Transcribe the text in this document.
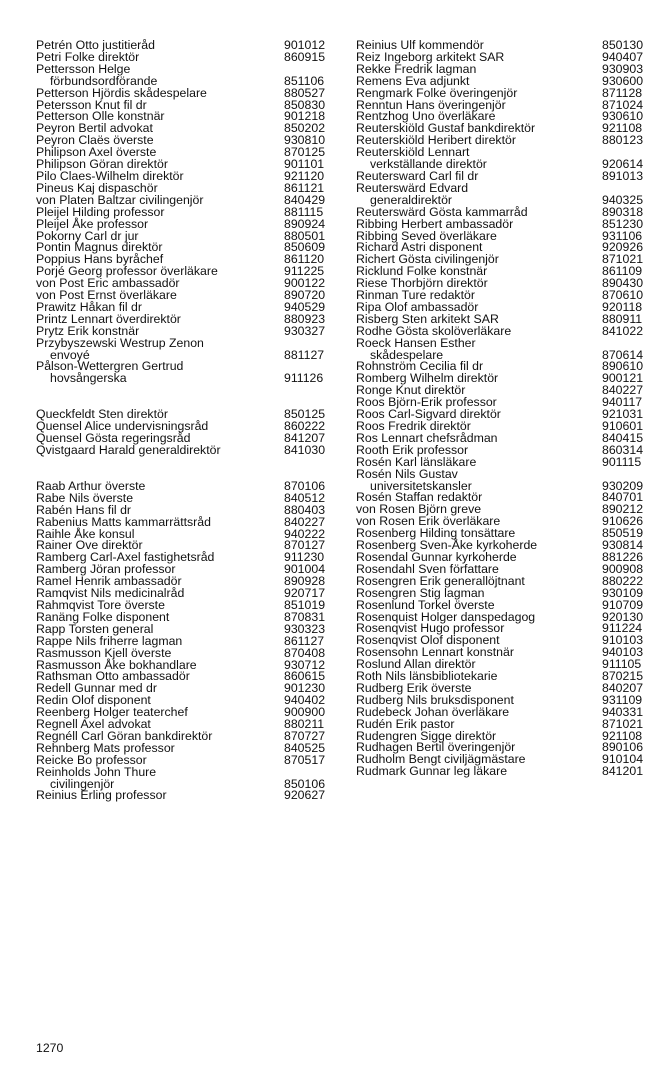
Petrén Otto justitieråd	901012
Petri Folke direktör	860915
Pettersson Helge
förbundsordförande	851106
Petterson Hjördis skådespelare	880527
Petersson Knut fil dr	850830
Petterson Olle konstnär	901218
Peyron Bertil advokat	850202
Peyron Claës överste	930810
Philipson Axel överste	870125
Philipson Göran direktör	901101
Pilo Claes-Wilhelm direktör	921120
Pineus Kaj dispaschör	861121
von Platen Baltzar civilingenjör	840429
Pleijel Hilding professor	881115
Pleijel Åke professor	890924
Pokorny Carl dr jur	880501
Pontin Magnus direktör	850609
Poppius Hans byråchef	861120
Porjé Georg professor överläkare	911225
von Post Eric ambassadör	900122
von Post Ernst överläkare	890720
Prawitz Håkan fil dr	940529
Printz Lennart överdirektör	880923
Prytz Erik konstnär	930327
Przybyszewski Westrup Zenon
envoyé	881127
Pålson-Wettergren Gertrud
hovsångerska	911126
Queckfeldt Sten direktör	850125
Quensel Alice undervisningsråd	860222
Quensel Gösta regeringsråd	841207
Qvistgaard Harald generaldirektör	841030
Raab Arthur överste	870106
Rabe Nils överste	840512
Rabén Hans fil dr	880403
Rabenius Matts kammarrättsråd	840227
Raihle Åke konsul	940222
Rainer Ove direktör	870127
Ramberg Carl-Axel fastighetsråd	911230
Ramberg Jöran professor	901004
Ramel Henrik ambassadör	890928
Ramqvist Nils medicinalråd	920717
Rahmqvist Tore överste	851019
Ranäng Folke disponent	870831
Rapp Torsten general	930323
Rappe Nils friherre lagman	861127
Rasmusson Kjell överste	870408
Rasmusson Åke bokhandlare	930712
Rathsman Otto ambassadör	860615
Redell Gunnar med dr	901230
Redin Olof disponent	940402
Reenberg Holger teaterchef	900900
Regnell Axel advokat	880211
Regnéll Carl Göran bankdirektör	870727
Rehnberg Mats professor	840525
Reicke Bo professor	870517
Reinholds John Thure
civilingenjör	850106
Reinius Erling professor	920627
Reinius Ulf kommendör	850130
Reiz Ingeborg arkitekt SAR	940407
Rekke Fredrik lagman	930903
Remens Eva adjunkt	930600
Rengmark Folke överingenjör	871128
Renntun Hans överingenjör	871024
Rentzhog Uno överläkare	930610
Reuterskiöld Gustaf bankdirektör	921108
Reuterskiöld Heribert direktör	880123
Reuterskiöld Lennart
verkställande direktör	920614
Reutersward Carl fil dr	891013
Reuterswärd Edvard
generaldirektör	940325
Reuterswärd Gösta kammarråd	890318
Ribbing Herbert ambassadör	851230
Ribbing Seved överläkare	931106
Richard Astri disponent	920926
Richert Gösta civilingenjör	871021
Ricklund Folke konstnär	861109
Riese Thorbjörn direktör	890430
Rinman Ture redaktör	870610
Ripa Olof ambassadör	920118
Risberg Sten arkitekt SAR	880911
Rodhe Gösta skolöverläkare	841022
Roeck Hansen Esther
skådespelare	870614
Rohnström Cecilia fil dr	890610
Romberg Wilhelm direktör	900121
Ronge Knut direktör	840227
Roos Björn-Erik professor	940117
Roos Carl-Sigvard direktör	921031
Roos Fredrik direktör	910601
Ros Lennart chefsrådman	840415
Rooth Erik professor	860314
Rosén Karl länsläkare	901115
Rosén Nils Gustav
universitetskansler	930209
Rosén Staffan redaktör	840701
von Rosen Björn greve	890212
von Rosen Erik överläkare	910626
Rosenberg Hilding tonsättare	850519
Rosenberg Sven-Åke kyrkoherde	930814
Rosendal Gunnar kyrkoherde	881226
Rosendahl Sven författare	900908
Rosengren Erik generallöjtnant	880222
Rosengren Stig lagman	930109
Rosenlund Torkel överste	910709
Rosenquist Holger danspedagog	920130
Rosenqvist Hugo professor	911224
Rosenqvist Olof disponent	910103
Rosensohn Lennart konstnär	940103
Roslund Allan direktör	911105
Roth Nils länsbibliotekarie	870215
Rudberg Erik överste	840207
Rudberg Nils bruksdisponent	931109
Rudebeck Johan överläkare	940331
Rudén Erik pastor	871021
Rudengren Sigge direktör	921108
Rudhagen Bertil överingenjör	890106
Rudholm Bengt civiljägmästare	910104
Rudmark Gunnar leg läkare	841201
1270
